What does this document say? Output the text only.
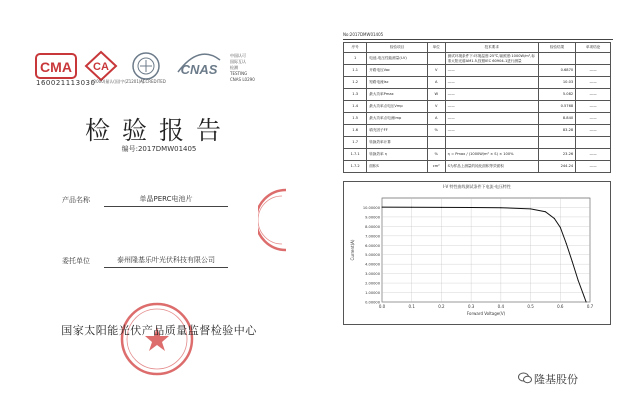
CMA CA	CNAS
中国认可
国际互认
检测
TESTING
CNAS L0290
160021113030
(2000)量认(国)字(Z1201)号
ACCREDITED
检验报告
编号:2017DMW01405
产品名称	单晶PERC电池片
委托单位	泰州隆基乐叶光伏科技有限公司
国家太阳能光伏产品质量监督检验中心
No:2017DMW01405
序号	检验项目	单位	技术要求	检验结果	单项结论
1	电池-电压性能测量(I-V)		测试环境条件下:环境温度:25℃,辐照度:1000W/m²,标准太阳光谱AM1.5,按照IEC 60904-1进行测量		
1.1	开路电压Voc	V	——	0.6870	——
1.2	短路电流Isc	A	——	10.03	——
1.3	最大功率Pmax	W	——	5.082	——
1.4	最大功率点电压Vmp	V	——	0.5768	——
1.5	最大功率点电流Imp	A	——	8.840	——
1.6	填充因子FF	%	——	83.28	——
1.7	转换效率计算				
1.7.1	转换效率 η	%	η = Pmax / (1000W/m² × S) × 100%	23.26	——
1.7.2	面积S	cm²	S为样品上测量的钝化面积等效面积	244.24	——
I-V 特性曲线测试条件下电流-电压特性
0.0	0.1	0.2	0.3	0.4	0.5	0.6	0.7
0.00000
1.00000
2.00000
3.00000
4.00000
5.00000
6.00000
7.00000
8.00000
9.00000
10.00000
Forward Voltage(V)
Current(A)
隆基股份
